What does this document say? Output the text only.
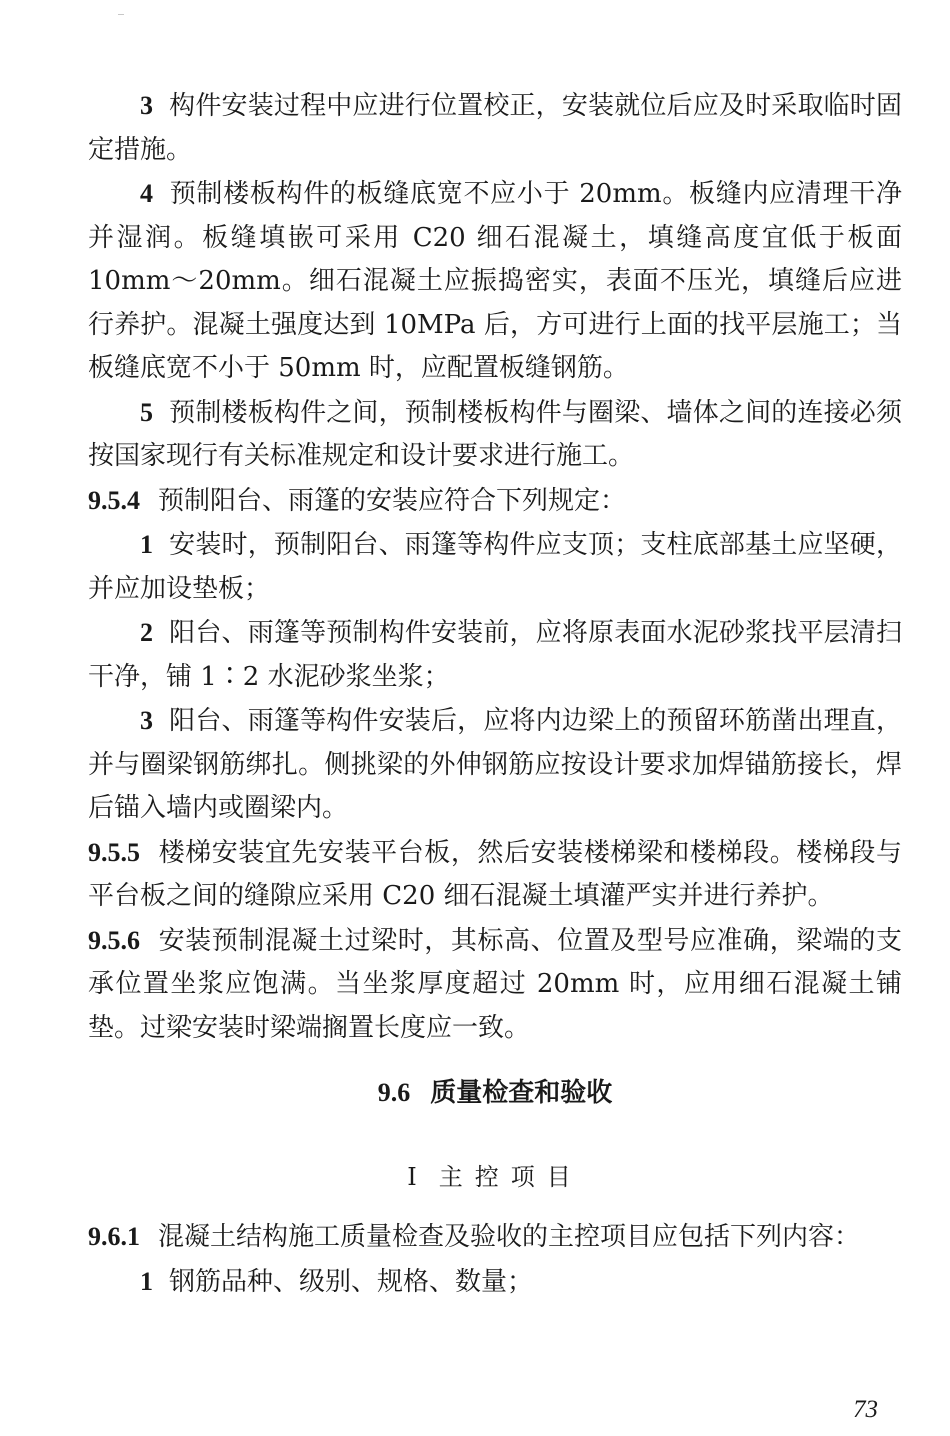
3 构件安装过程中应进行位置校正，安装就位后应及时采取临时固定措施。

4 预制楼板构件的板缝底宽不应小于 20mm。板缝内应清理干净并湿润。板缝填嵌可采用 C20 细石混凝土，填缝高度宜低于板面 10mm～20mm。细石混凝土应振捣密实，表面不压光，填缝后应进行养护。混凝土强度达到 10MPa 后，方可进行上面的找平层施工；当板缝底宽不小于 50mm 时，应配置板缝钢筋。

5 预制楼板构件之间，预制楼板构件与圈梁、墙体之间的连接必须按国家现行有关标准规定和设计要求进行施工。

9.5.4 预制阳台、雨篷的安装应符合下列规定：

1 安装时，预制阳台、雨篷等构件应支顶；支柱底部基土应坚硬，并应加设垫板；

2 阳台、雨篷等预制构件安装前，应将原表面水泥砂浆找平层清扫干净，铺 1∶2 水泥砂浆坐浆；

3 阳台、雨篷等构件安装后，应将内边梁上的预留环筋凿出理直，并与圈梁钢筋绑扎。侧挑梁的外伸钢筋应按设计要求加焊锚筋接长，焊后锚入墙内或圈梁内。

9.5.5 楼梯安装宜先安装平台板，然后安装楼梯梁和楼梯段。楼梯段与平台板之间的缝隙应采用 C20 细石混凝土填灌严实并进行养护。

9.5.6 安装预制混凝土过梁时，其标高、位置及型号应准确，梁端的支承位置坐浆应饱满。当坐浆厚度超过 20mm 时，应用细石混凝土铺垫。过梁安装时梁端搁置长度应一致。

9.6 质量检查和验收

Ⅰ 主控项目

9.6.1 混凝土结构施工质量检查及验收的主控项目应包括下列内容：

1 钢筋品种、级别、规格、数量；

73
